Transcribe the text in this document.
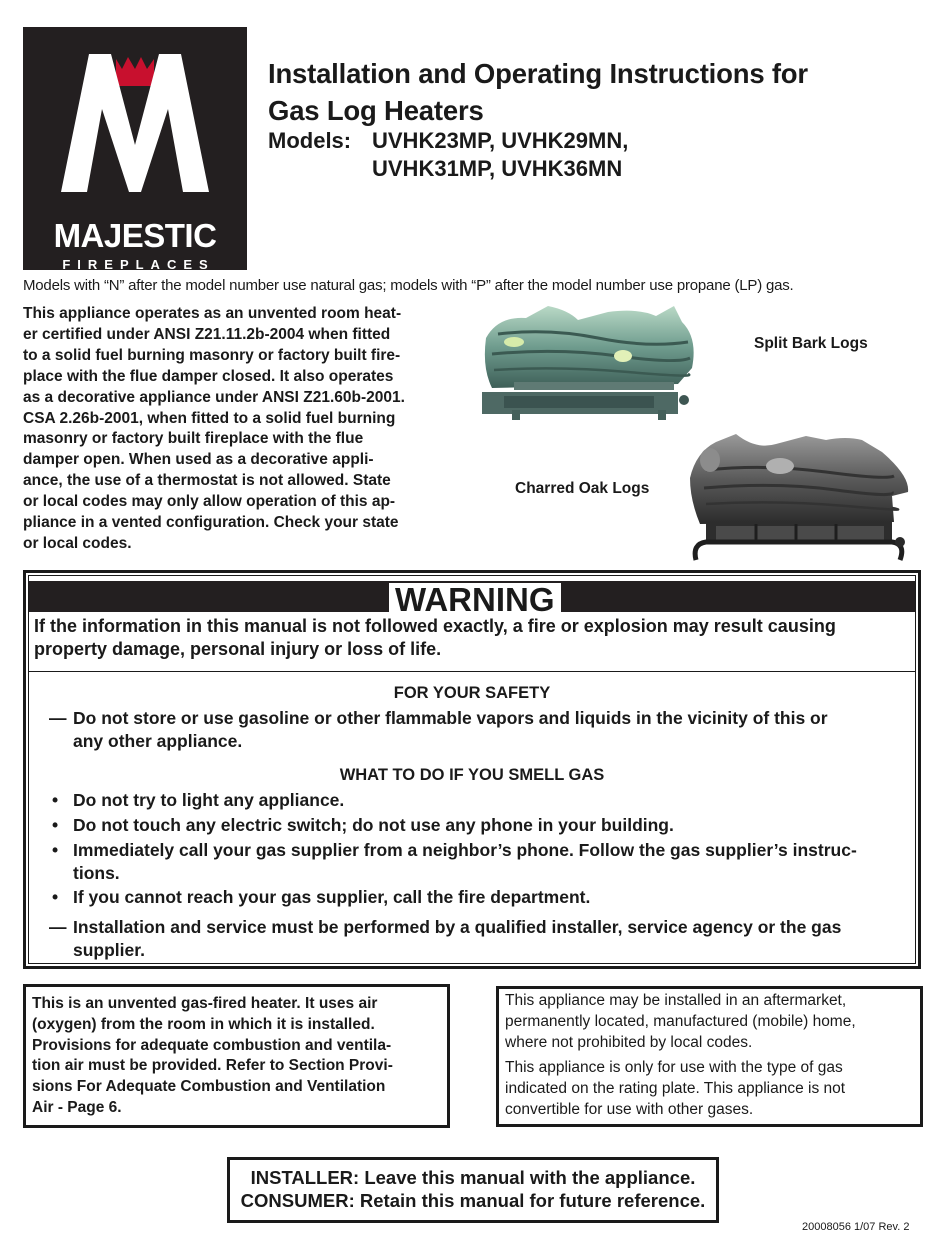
MAJESTIC
FIREPLACES
Installation and Operating Instructions for
Gas Log Heaters
Models: UVHK23MP, UVHK29MN,
UVHK31MP, UVHK36MN
Models with “N” after the model number use natural gas; models with “P” after the model number use propane (LP) gas.
This appliance operates as an unvented room heat-
er certified under ANSI Z21.11.2b-2004 when fitted
to a solid fuel burning masonry or factory built fire-
place with the flue damper closed. It also operates
as a decorative appliance under ANSI Z21.60b-2001.
CSA 2.26b-2001, when fitted to a solid fuel burning
masonry or factory built fireplace with the flue
damper open. When used as a decorative appli-
ance, the use of a thermostat is not allowed. State
or local codes may only allow operation of this ap-
pliance in a vented configuration. Check your state
or local codes.
Split Bark Logs
Charred Oak Logs
WARNING
If the information in this manual is not followed exactly, a fire or explosion may result causing
property damage, personal injury or loss of life.
FOR YOUR SAFETY
— Do not store or use gasoline or other flammable vapors and liquids in the vicinity of this or
any other appliance.
WHAT TO DO IF YOU SMELL GAS
• Do not try to light any appliance.
• Do not touch any electric switch; do not use any phone in your building.
• Immediately call your gas supplier from a neighbor’s phone. Follow the gas supplier’s instruc-
tions.
• If you cannot reach your gas supplier, call the fire department.
— Installation and service must be performed by a qualified installer, service agency or the gas
supplier.
This is an unvented gas-fired heater. It uses air
(oxygen) from the room in which it is installed.
Provisions for adequate combustion and ventila-
tion air must be provided. Refer to Section Provi-
sions For Adequate Combustion and Ventilation
Air - Page 6.

This appliance may be installed in an aftermarket,
permanently located, manufactured (mobile) home,
where not prohibited by local codes.

This appliance is only for use with the type of gas
indicated on the rating plate. This appliance is not
convertible for use with other gases.

INSTALLER: Leave this manual with the appliance.
CONSUMER: Retain this manual for future reference.
20008056 1/07 Rev. 2
